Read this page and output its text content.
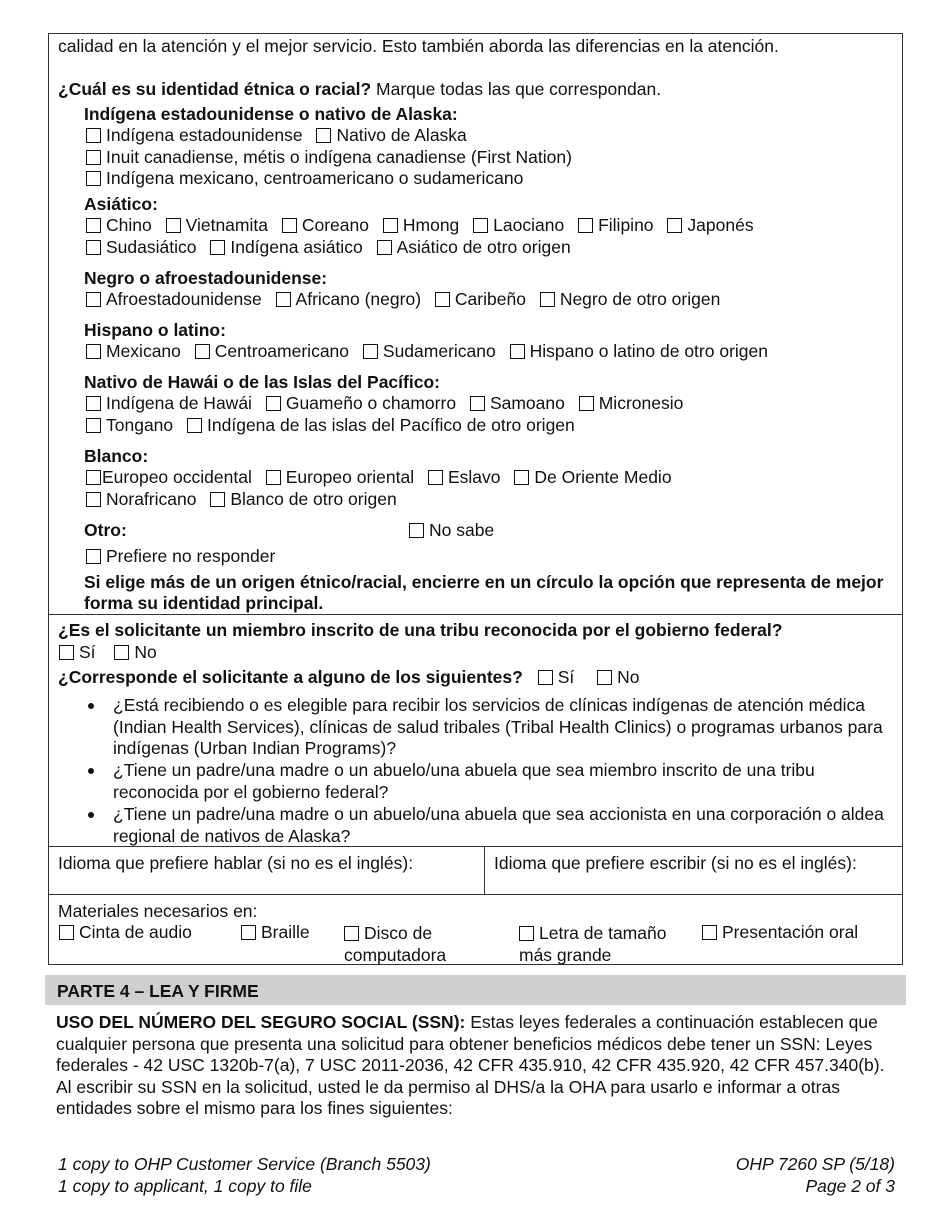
calidad en la atención y el mejor servicio. Esto también aborda las diferencias en la atención.
¿Cuál es su identidad étnica o racial? Marque todas las que correspondan.
Indígena estadounidense o nativo de Alaska:
Indígena estadounidense Nativo de Alaska
Inuit canadiense, métis o indígena canadiense (First Nation)
Indígena mexicano, centroamericano o sudamericano
Asiático:
Chino Vietnamita Coreano Hmong Laociano Filipino Japonés
Sudasiático Indígena asiático Asiático de otro origen
Negro o afroestadounidense:
Afroestadounidense Africano (negro) Caribeño Negro de otro origen
Hispano o latino:
Mexicano Centroamericano Sudamericano Hispano o latino de otro origen
Nativo de Hawái o de las Islas del Pacífico:
Indígena de Hawái Guameño o chamorro Samoano Micronesio
Tongano Indígena de las islas del Pacífico de otro origen
Blanco:
Europeo occidental Europeo oriental Eslavo De Oriente Medio
Norafricano Blanco de otro origen
Otro:	No sabe
Prefiere no responder
Si elige más de un origen étnico/racial, encierre en un círculo la opción que representa de mejor forma su identidad principal.
¿Es el solicitante un miembro inscrito de una tribu reconocida por el gobierno federal?
Sí No
¿Corresponde el solicitante a alguno de los siguientes? Sí No
¿Está recibiendo o es elegible para recibir los servicios de clínicas indígenas de atención médica (Indian Health Services), clínicas de salud tribales (Tribal Health Clinics) o programas urbanos para indígenas (Urban Indian Programs)?
¿Tiene un padre/una madre o un abuelo/una abuela que sea miembro inscrito de una tribu reconocida por el gobierno federal?
¿Tiene un padre/una madre o un abuelo/una abuela que sea accionista en una corporación o aldea regional de nativos de Alaska?
Idioma que prefiere hablar (si no es el inglés):	Idioma que prefiere escribir (si no es el inglés):
Materiales necesarios en:
Cinta de audio	Braille	Disco de
computadora
Letra de tamaño
más grande
Presentación oral
PARTE 4 – LEA Y FIRME
USO DEL NÚMERO DEL SEGURO SOCIAL (SSN): Estas leyes federales a continuación establecen que cualquier persona que presenta una solicitud para obtener beneficios médicos debe tener un SSN: Leyes federales - 42 USC 1320b-7(a), 7 USC 2011-2036, 42 CFR 435.910, 42 CFR 435.920, 42 CFR 457.340(b). Al escribir su SSN en la solicitud, usted le da permiso al DHS/a la OHA para usarlo e informar a otras entidades sobre el mismo para los fines siguientes:
1 copy to OHP Customer Service (Branch 5503)
1 copy to applicant, 1 copy to file
OHP 7260 SP (5/18)
Page 2 of 3
